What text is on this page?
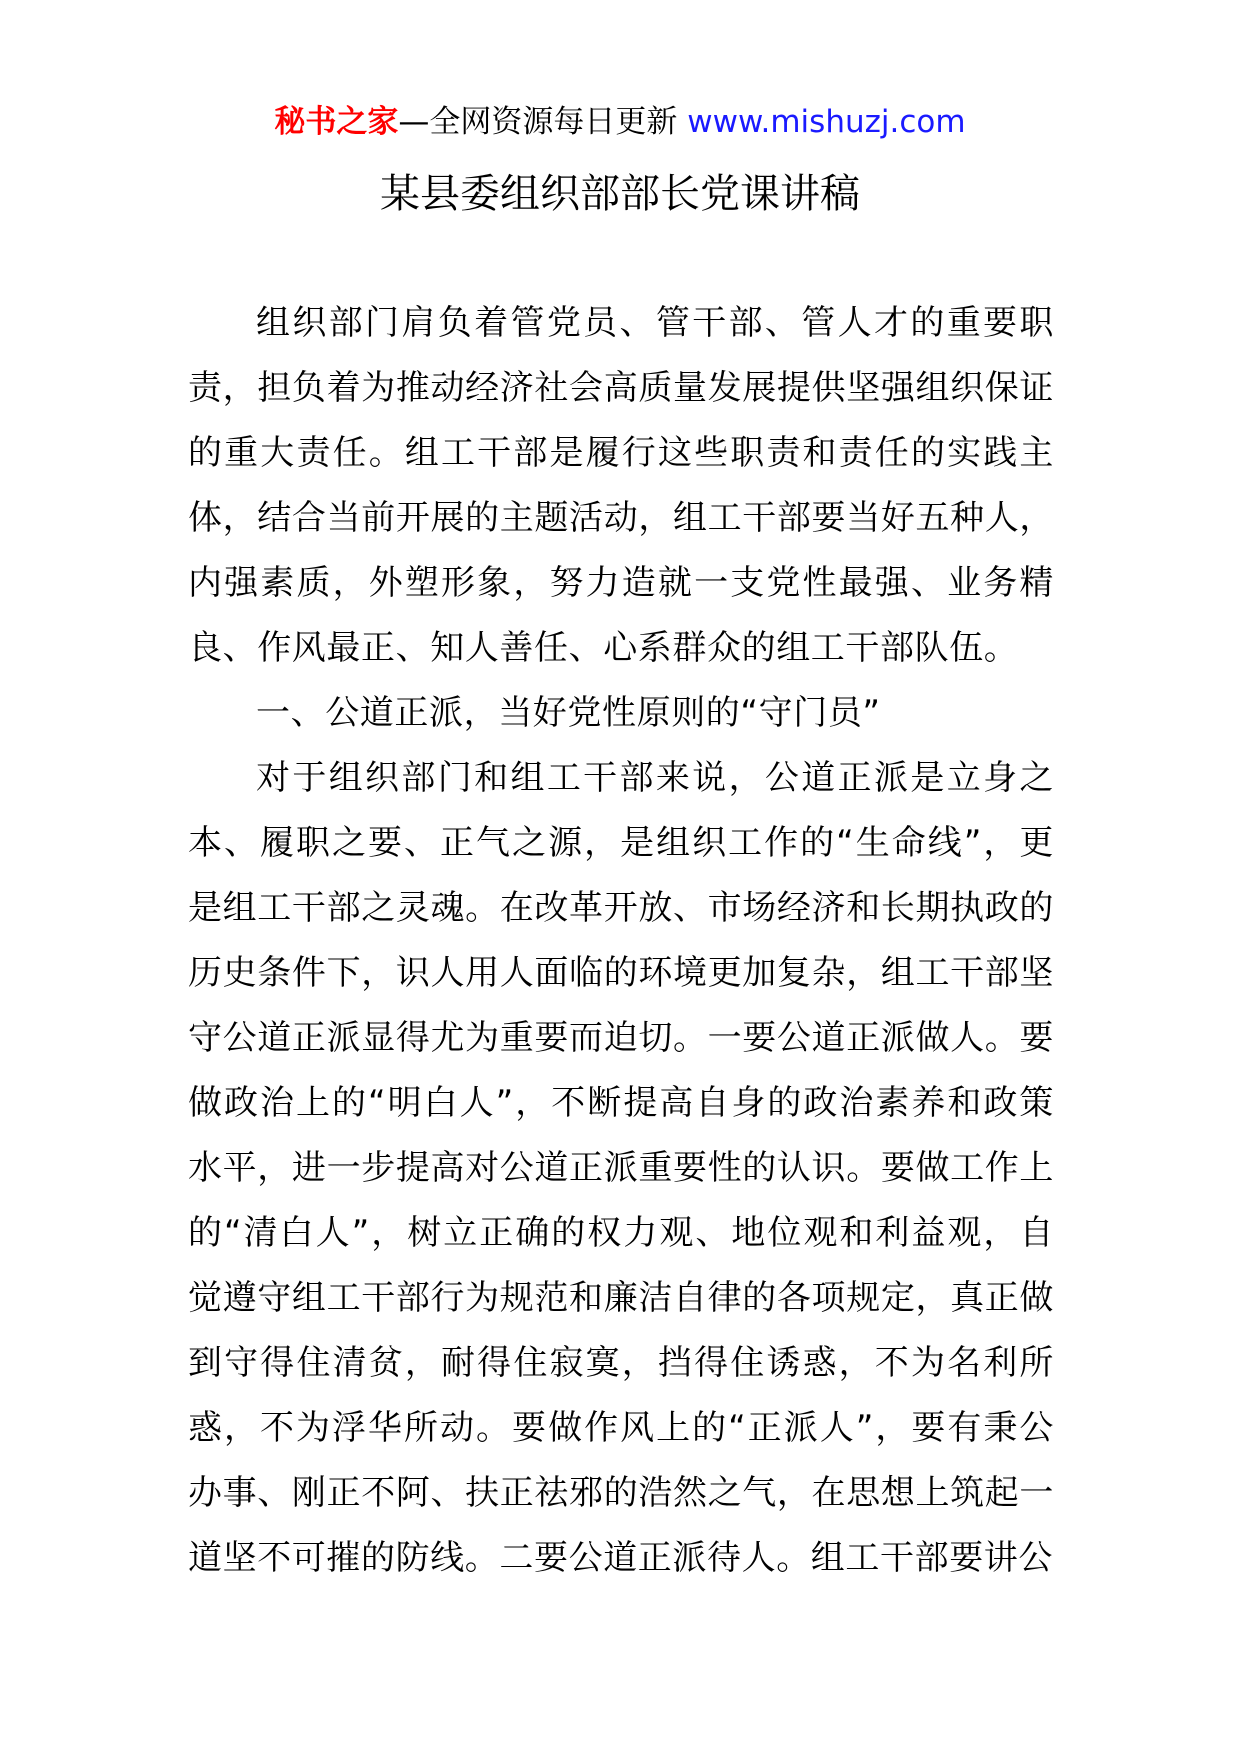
秘书之家—全网资源每日更新 www.mishuzj.com
某县委组织部部长党课讲稿

组织部门肩负着管党员、管干部、管人才的重要职责，担负着为推动经济社会高质量发展提供坚强组织保证的重大责任。组工干部是履行这些职责和责任的实践主体，结合当前开展的主题活动，组工干部要当好五种人，内强素质，外塑形象，努力造就一支党性最强、业务精良、作风最正、知人善任、心系群众的组工干部队伍。

一、公道正派，当好党性原则的“守门员”

对于组织部门和组工干部来说，公道正派是立身之本、履职之要、正气之源，是组织工作的“生命线”，更是组工干部之灵魂。在改革开放、市场经济和长期执政的历史条件下，识人用人面临的环境更加复杂，组工干部坚守公道正派显得尤为重要而迫切。一要公道正派做人。要做政治上的“明白人”，不断提高自身的政治素养和政策水平，进一步提高对公道正派重要性的认识。要做工作上的“清白人”，树立正确的权力观、地位观和利益观，自觉遵守组工干部行为规范和廉洁自律的各项规定，真正做到守得住清贫，耐得住寂寞，挡得住诱惑，不为名利所惑，不为浮华所动。要做作风上的“正派人”，要有秉公办事、刚正不阿、扶正祛邪的浩然之气，在思想上筑起一道坚不可摧的防线。二要公道正派待人。组工干部要讲公
